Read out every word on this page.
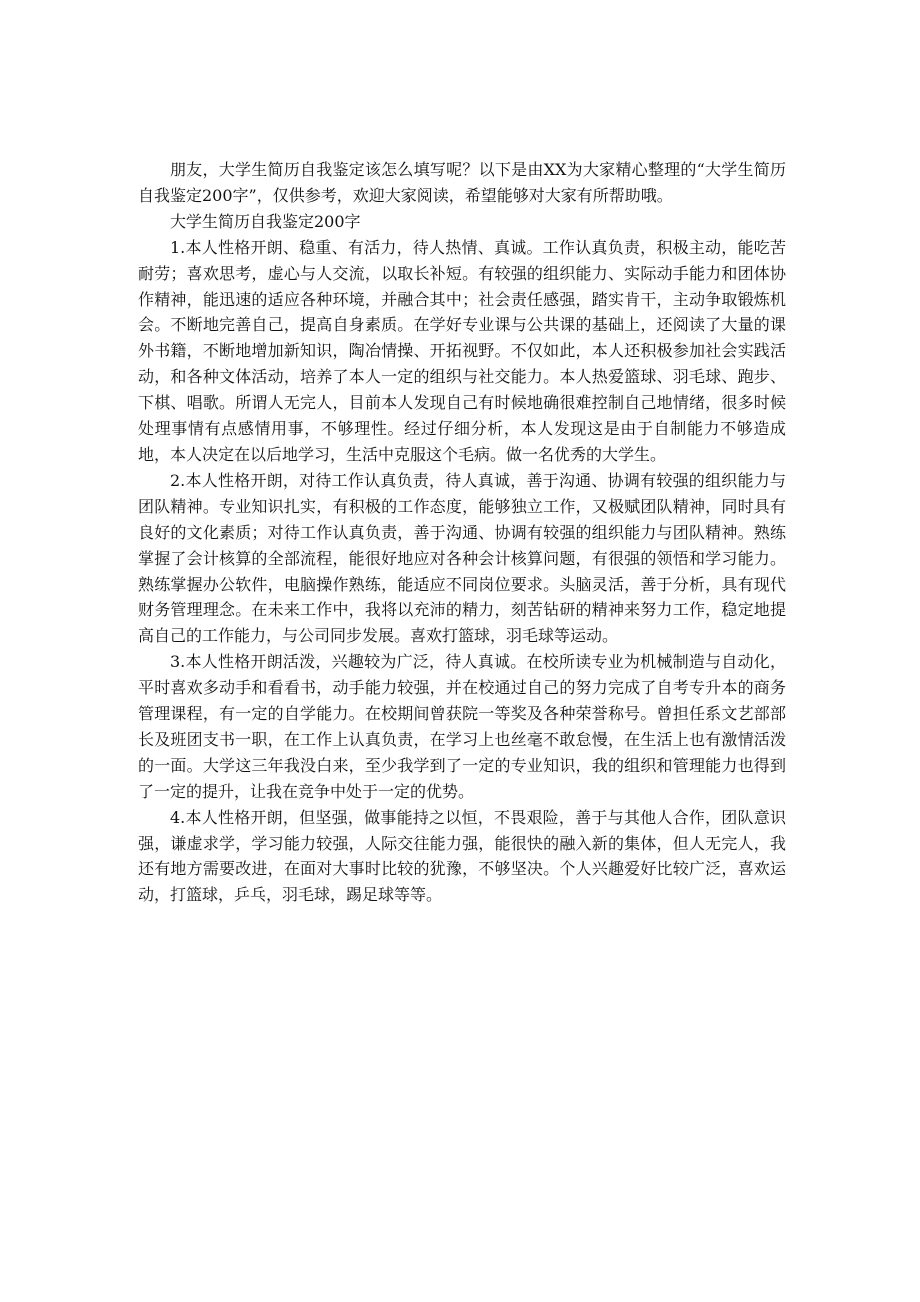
朋友，大学生简历自我鉴定该怎么填写呢？以下是由XX为大家精心整理的“大学生简历自我鉴定200字”，仅供参考，欢迎大家阅读，希望能够对大家有所帮助哦。

大学生简历自我鉴定200字

1.本人性格开朗、稳重、有活力，待人热情、真诚。工作认真负责，积极主动，能吃苦耐劳；喜欢思考，虚心与人交流，以取长补短。有较强的组织能力、实际动手能力和团体协作精神，能迅速的适应各种环境，并融合其中；社会责任感强，踏实肯干，主动争取锻炼机会。不断地完善自己，提高自身素质。在学好专业课与公共课的基础上，还阅读了大量的课外书籍，不断地增加新知识，陶冶情操、开拓视野。不仅如此，本人还积极参加社会实践活动，和各种文体活动，培养了本人一定的组织与社交能力。本人热爱篮球、羽毛球、跑步、下棋、唱歌。所谓人无完人，目前本人发现自己有时候地确很难控制自己地情绪，很多时候处理事情有点感情用事，不够理性。经过仔细分析，本人发现这是由于自制能力不够造成地，本人决定在以后地学习，生活中克服这个毛病。做一名优秀的大学生。

2.本人性格开朗，对待工作认真负责，待人真诚，善于沟通、协调有较强的组织能力与团队精神。专业知识扎实，有积极的工作态度，能够独立工作，又极赋团队精神，同时具有良好的文化素质；对待工作认真负责，善于沟通、协调有较强的组织能力与团队精神。熟练掌握了会计核算的全部流程，能很好地应对各种会计核算问题，有很强的领悟和学习能力。熟练掌握办公软件，电脑操作熟练，能适应不同岗位要求。头脑灵活，善于分析，具有现代财务管理理念。在未来工作中，我将以充沛的精力，刻苦钻研的精神来努力工作，稳定地提高自己的工作能力，与公司同步发展。喜欢打篮球，羽毛球等运动。

3.本人性格开朗活泼，兴趣较为广泛，待人真诚。在校所读专业为机械制造与自动化，平时喜欢多动手和看看书，动手能力较强，并在校通过自己的努力完成了自考专升本的商务管理课程，有一定的自学能力。在校期间曾获院一等奖及各种荣誉称号。曾担任系文艺部部长及班团支书一职，在工作上认真负责，在学习上也丝毫不敢怠慢，在生活上也有激情活泼的一面。大学这三年我没白来，至少我学到了一定的专业知识，我的组织和管理能力也得到了一定的提升，让我在竞争中处于一定的优势。

4.本人性格开朗，但坚强，做事能持之以恒，不畏艰险，善于与其他人合作，团队意识强，谦虚求学，学习能力较强，人际交往能力强，能很快的融入新的集体，但人无完人，我还有地方需要改进，在面对大事时比较的犹豫，不够坚决。个人兴趣爱好比较广泛，喜欢运动，打篮球，乒乓，羽毛球，踢足球等等。
